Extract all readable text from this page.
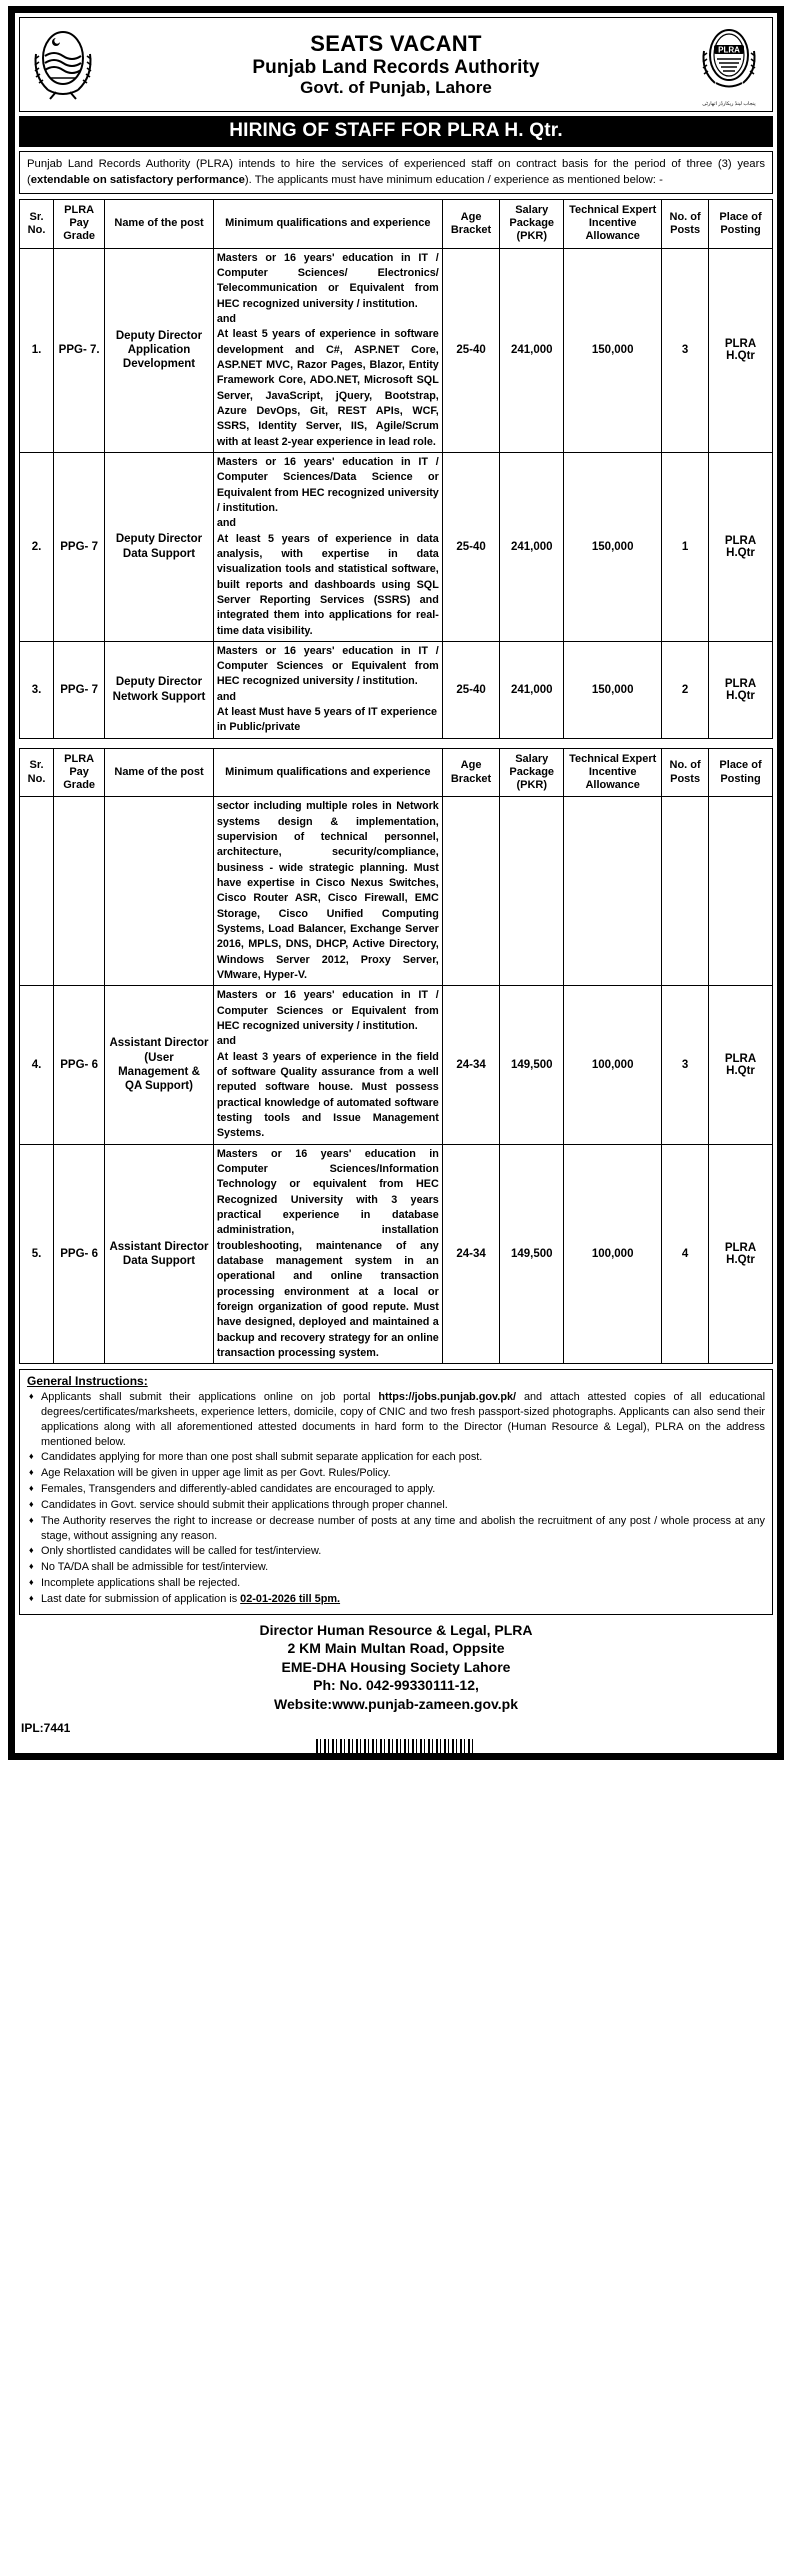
SEATS VACANT
Punjab Land Records Authority
Govt. of Punjab, Lahore
PLRA
پنجاب لینڈ ریکارڈز اتھارٹی
HIRING OF STAFF FOR PLRA H. Qtr.
Punjab Land Records Authority (PLRA) intends to hire the services of experienced staff on contract basis for the period of three (3) years (extendable on satisfactory performance). The applicants must have minimum education / experience as mentioned below: -
Sr. No.	PLRA Pay Grade	Name of the post	Minimum qualifications and experience	Age Bracket	Salary Package (PKR)	Technical Expert Incentive Allowance	No. of Posts	Place of Posting
1.	PPG- 7.	Deputy Director Application Development	Masters or 16 years' education in IT / Computer Sciences/ Electronics/ Telecommunication or Equivalent from HEC recognized university / institution.

and

At least 5 years of experience in software development and C#, ASP.NET Core, ASP.NET MVC, Razor Pages, Blazor, Entity Framework Core, ADO.NET, Microsoft SQL Server, JavaScript, jQuery, Bootstrap, Azure DevOps, Git, REST APIs, WCF, SSRS, Identity Server, IIS, Agile/Scrum with at least 2-year experience in lead role.	25-40	241,000	150,000	3	PLRA H.Qtr
2.	PPG- 7	Deputy Director Data Support	Masters or 16 years' education in IT / Computer Sciences/Data Science or Equivalent from HEC recognized university / institution.

and

At least 5 years of experience in data analysis, with expertise in data visualization tools and statistical software, built reports and dashboards using SQL Server Reporting Services (SSRS) and integrated them into applications for real-time data visibility.	25-40	241,000	150,000	1	PLRA H.Qtr
3.	PPG- 7	Deputy Director Network Support	Masters or 16 years' education in IT / Computer Sciences or Equivalent from HEC recognized university / institution.

and

At least Must have 5 years of IT experience in Public/private	25-40	241,000	150,000	2	PLRA H.Qtr
Sr. No.	PLRA Pay Grade	Name of the post	Minimum qualifications and experience	Age Bracket	Salary Package (PKR)	Technical Expert Incentive Allowance	No. of Posts	Place of Posting

			sector including multiple roles in Network systems design & implementation, supervision of technical personnel, architecture, security/compliance, business - wide strategic planning. Must have expertise in Cisco Nexus Switches, Cisco Router ASR, Cisco Firewall, EMC Storage, Cisco Unified Computing Systems, Load Balancer, Exchange Server 2016, MPLS, DNS, DHCP, Active Directory, Windows Server 2012, Proxy Server, VMware, Hyper-V.					

4.	PPG- 6	Assistant Director (User Management & QA Support)	Masters or 16 years' education in IT / Computer Sciences or Equivalent from HEC recognized university / institution.

and

At least 3 years of experience in the field of software Quality assurance from a well reputed software house. Must possess practical knowledge of automated software testing tools and Issue Management Systems.	24-34	149,500	100,000	3	PLRA H.Qtr
5.	PPG- 6	Assistant Director Data Support	Masters or 16 years' education in Computer Sciences/Information Technology or equivalent from HEC Recognized University with 3 years practical experience in database administration, installation troubleshooting, maintenance of any database management system in an operational and online transaction processing environment at a local or foreign organization of good repute. Must have designed, deployed and maintained a backup and recovery strategy for an online transaction processing system.	24-34	149,500	100,000	4	PLRA H.Qtr
General Instructions:
♦ Applicants shall submit their applications online on job portal https://jobs.punjab.gov.pk/ and attach attested copies of all educational degrees/certificates/marksheets, experience letters, domicile, copy of CNIC and two fresh passport-sized photographs. Applicants can also send their applications along with all aforementioned attested documents in hard form to the Director (Human Resource & Legal), PLRA on the address mentioned below.
♦ Candidates applying for more than one post shall submit separate application for each post.
♦ Age Relaxation will be given in upper age limit as per Govt. Rules/Policy.
♦ Females, Transgenders and differently-abled candidates are encouraged to apply.
♦ Candidates in Govt. service should submit their applications through proper channel.
♦ The Authority reserves the right to increase or decrease number of posts at any time and abolish the recruitment of any post / whole process at any stage, without assigning any reason.
♦ Only shortlisted candidates will be called for test/interview.
♦ No TA/DA shall be admissible for test/interview.
♦ Incomplete applications shall be rejected.
♦ Last date for submission of application is 02-01-2026 till 5pm.
Director Human Resource & Legal, PLRA
2 KM Main Multan Road, Oppsite
EME-DHA Housing Society Lahore
Ph: No. 042-99330111-12,
Website:www.punjab-zameen.gov.pk
IPL:7441
